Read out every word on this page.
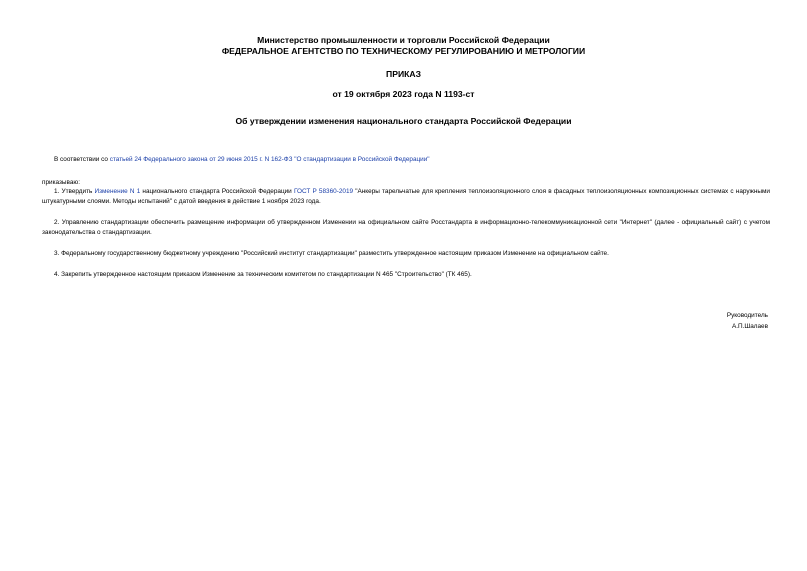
Министерство промышленности и торговли Российской Федерации
ФЕДЕРАЛЬНОЕ АГЕНТСТВО ПО ТЕХНИЧЕСКОМУ РЕГУЛИРОВАНИЮ И МЕТРОЛОГИИ
ПРИКАЗ
от 19 октября 2023 года N 1193-ст
Об утверждении изменения национального стандарта Российской Федерации
В соответствии со статьей 24 Федерального закона от 29 июня 2015 г. N 162-ФЗ "О стандартизации в Российской Федерации"
приказываю:
1. Утвердить Изменение N 1 национального стандарта Российской Федерации ГОСТ Р 58360-2019 "Анкеры тарельчатые для крепления теплоизоляционного слоя в фасадных теплоизоляционных композиционных системах с наружными штукатурными слоями. Методы испытаний" с датой введения в действие 1 ноября 2023 года.
2. Управлению стандартизации обеспечить размещение информации об утвержденном Изменении на официальном сайте Росстандарта в информационно-телекоммуникационной сети "Интернет" (далее - официальный сайт) с учетом законодательства о стандартизации.
3. Федеральному государственному бюджетному учреждению "Российский институт стандартизации" разместить утвержденное настоящим приказом Изменение на официальном сайте.
4. Закрепить утвержденное настоящим приказом Изменение за техническим комитетом по стандартизации N 465 "Строительство" (ТК 465).
Руководитель
А.П.Шалаев
